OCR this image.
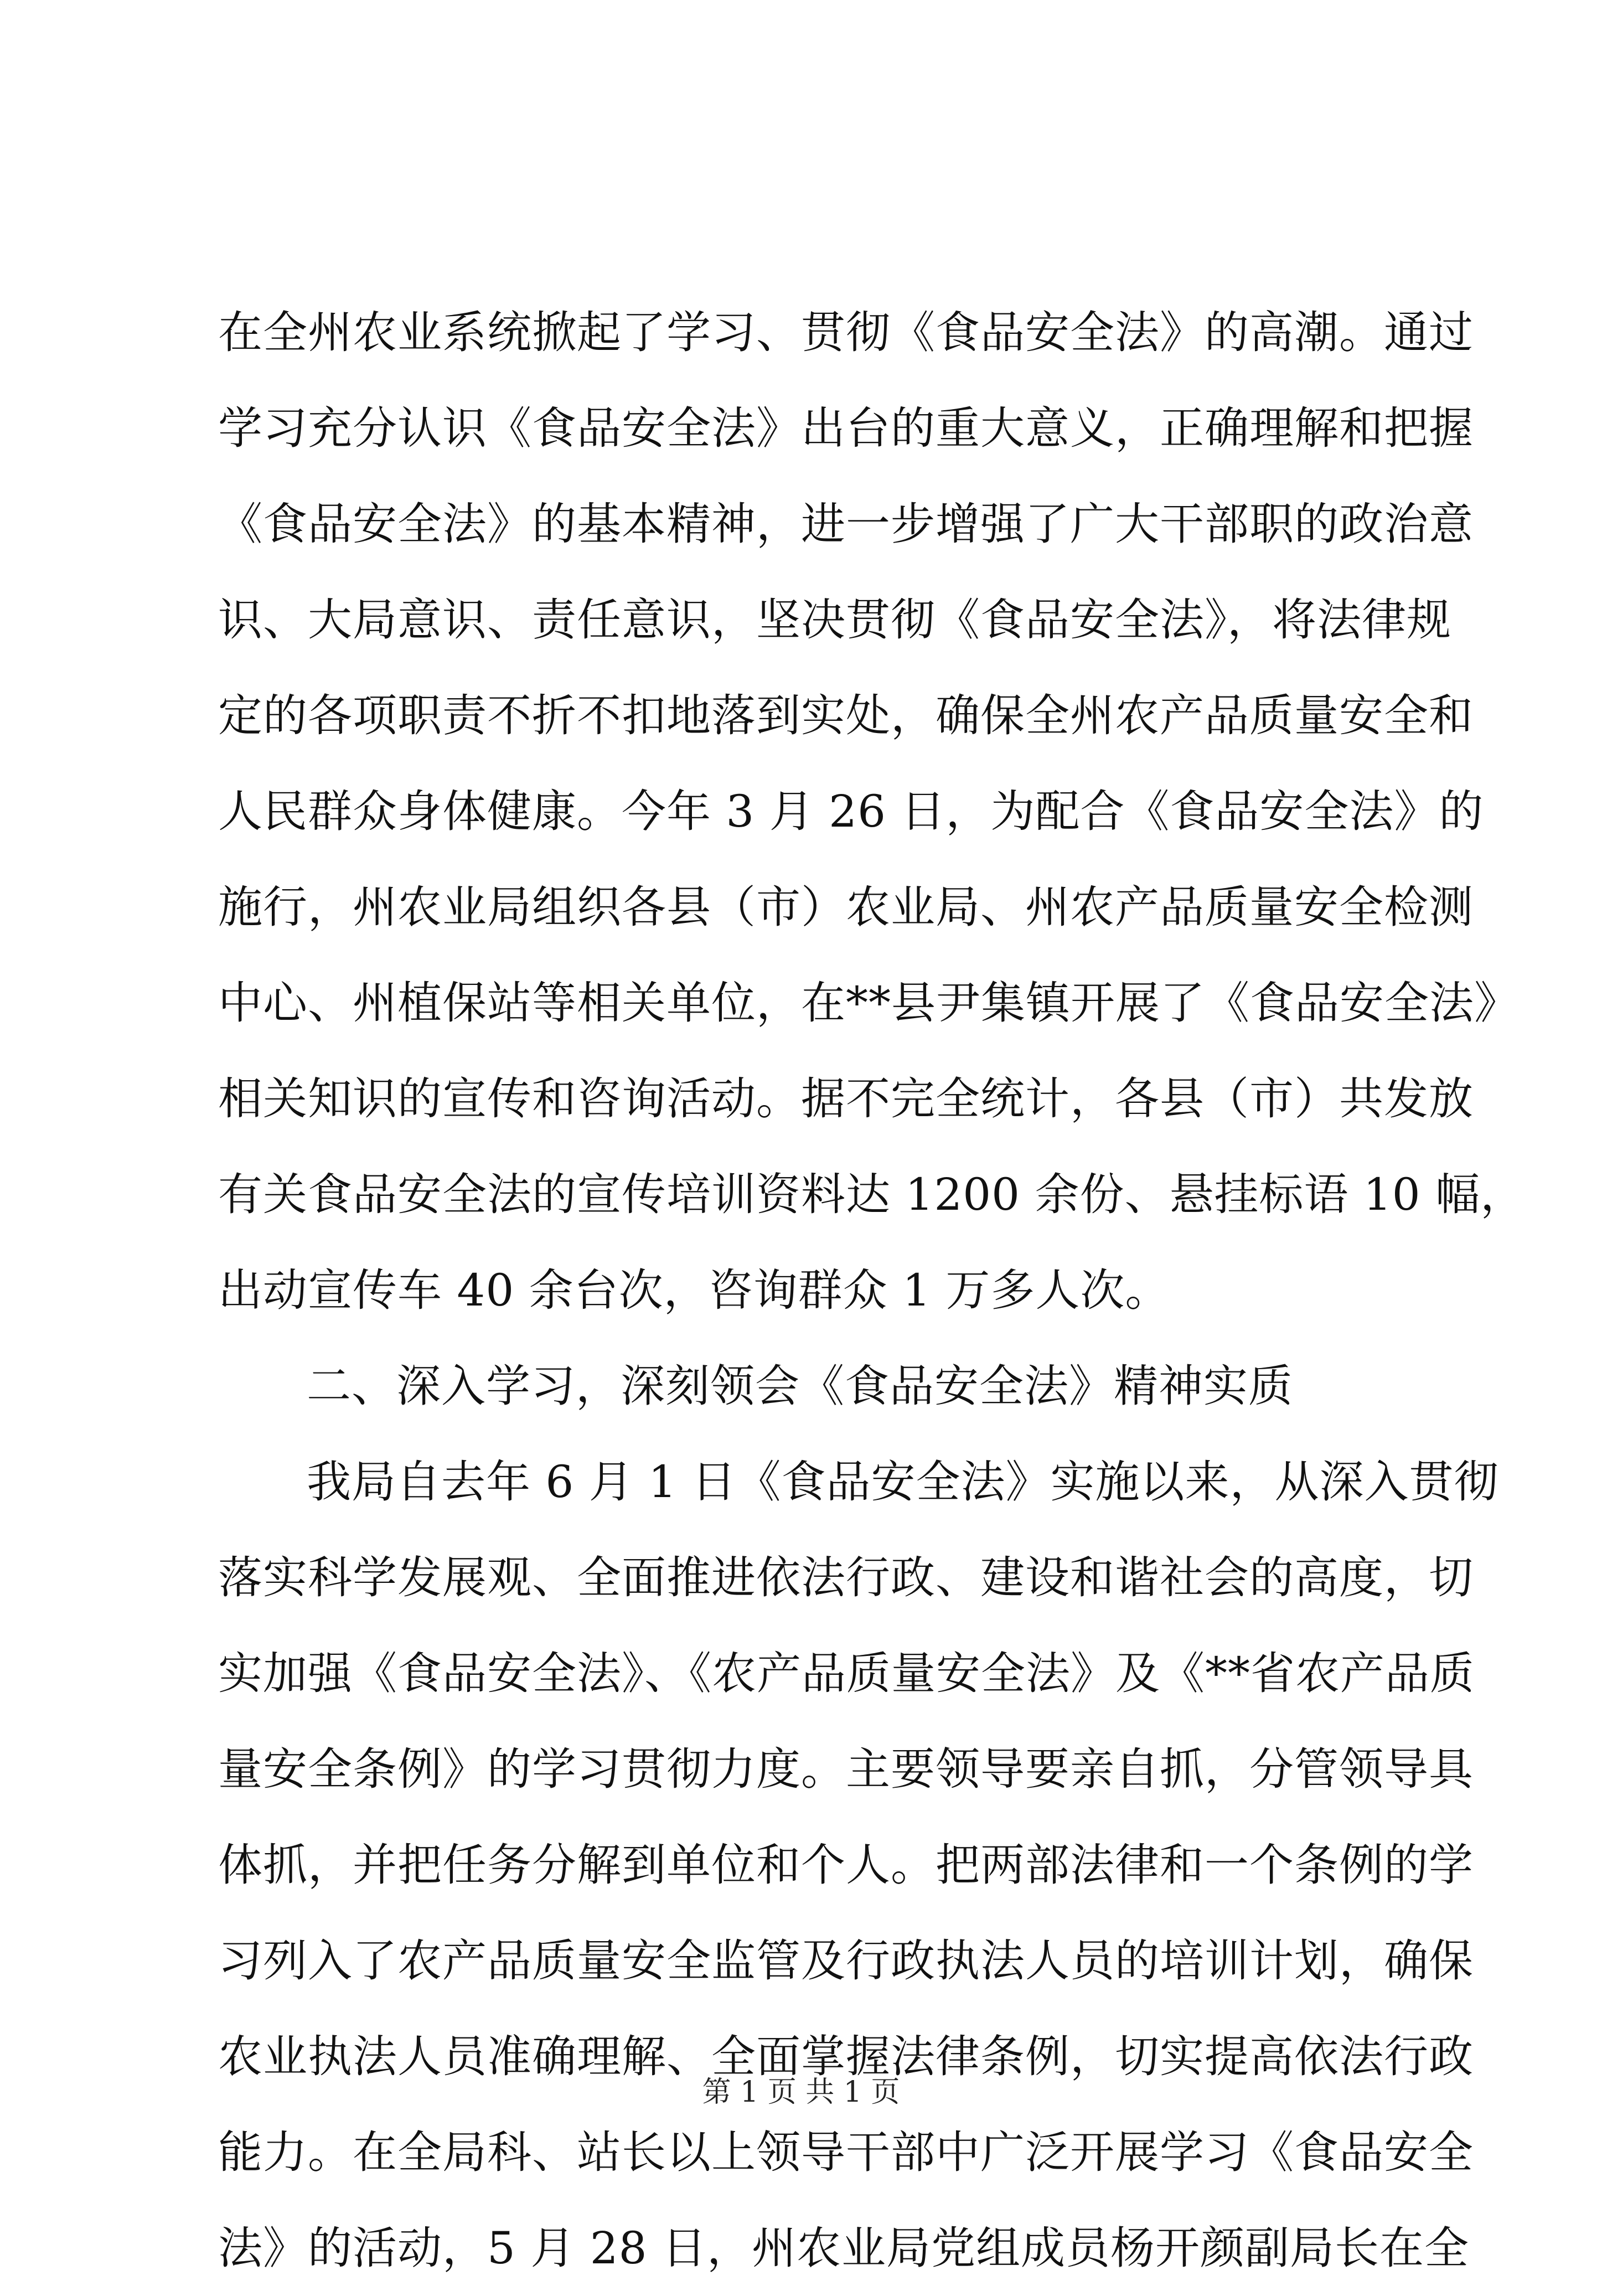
在全州农业系统掀起了学习、贯彻《食品安全法》的高潮。通过
学习充分认识《食品安全法》出台的重大意义，正确理解和把握
《食品安全法》的基本精神，进一步增强了广大干部职的政治意
识、大局意识、责任意识，坚决贯彻《食品安全法》，将法律规
定的各项职责不折不扣地落到实处，确保全州农产品质量安全和
人民群众身体健康。今年 3 月 26 日，为配合《食品安全法》的
施行，州农业局组织各县（市）农业局、州农产品质量安全检测
中心、州植保站等相关单位，在**县尹集镇开展了《食品安全法》
相关知识的宣传和咨询活动。据不完全统计，各县（市）共发放
有关食品安全法的宣传培训资料达 1200 余份、悬挂标语 10 幅，
出动宣传车 40 余台次，咨询群众 1 万多人次。
二、深入学习，深刻领会《食品安全法》精神实质
我局自去年 6 月 1 日《食品安全法》实施以来，从深入贯彻
落实科学发展观、全面推进依法行政、建设和谐社会的高度，切
实加强《食品安全法》、《农产品质量安全法》及《**省农产品质
量安全条例》的学习贯彻力度。主要领导要亲自抓，分管领导具
体抓，并把任务分解到单位和个人。把两部法律和一个条例的学
习列入了农产品质量安全监管及行政执法人员的培训计划，确保
农业执法人员准确理解、全面掌握法律条例，切实提高依法行政
能力。在全局科、站长以上领导干部中广泛开展学习《食品安全
法》的活动，5 月 28 日，州农业局党组成员杨开颜副局长在全
第 1 页 共 1 页
